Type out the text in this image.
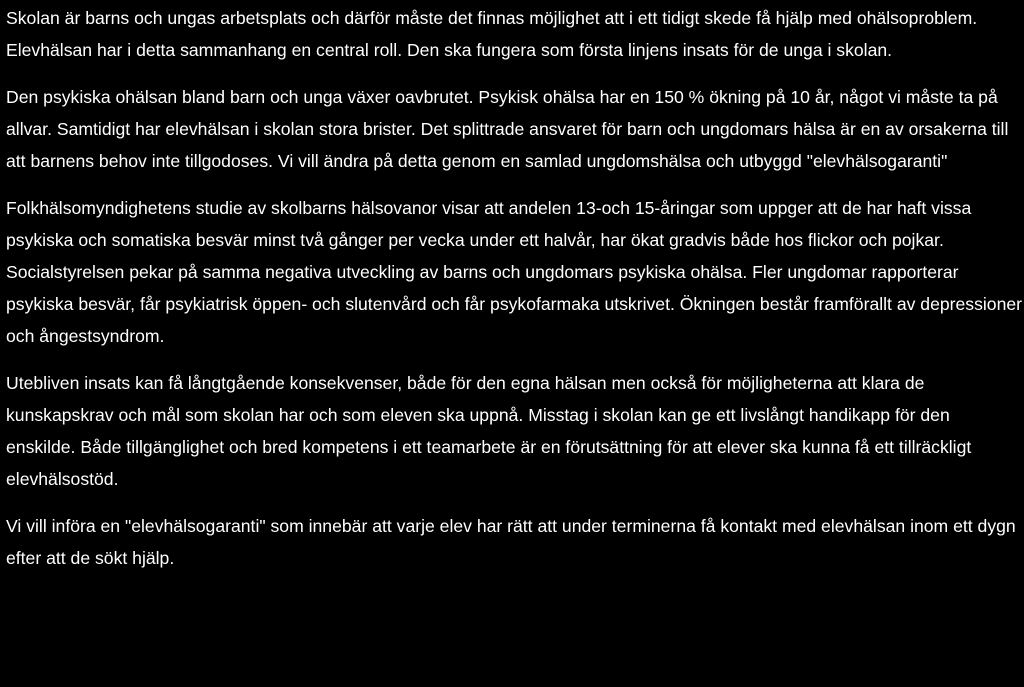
Skolan är barns och ungas arbetsplats och därför måste det finnas möjlighet att i ett tidigt skede få hjälp med ohälsoproblem. Elevhälsan har i detta sammanhang en central roll. Den ska fungera som första linjens insats för de unga i skolan.

Den psykiska ohälsan bland barn och unga växer oavbrutet. Psykisk ohälsa har en 150 % ökning på 10 år, något vi måste ta på allvar. Samtidigt har elevhälsan i skolan stora brister. Det splittrade ansvaret för barn och ungdomars hälsa är en av orsakerna till att barnens behov inte tillgodoses. Vi vill ändra på detta genom en samlad ungdomshälsa och utbyggd "elevhälsogaranti"

Folkhälsomyndighetens studie av skolbarns hälsovanor visar att andelen 13-och 15-åringar som uppger att de har haft vissa psykiska och somatiska besvär minst två gånger per vecka under ett halvår, har ökat gradvis både hos flickor och pojkar. Socialstyrelsen pekar på samma negativa utveckling av barns och ungdomars psykiska ohälsa. Fler ungdomar rapporterar psykiska besvär, får psykiatrisk öppen- och slutenvård och får psykofarmaka utskrivet. Ökningen består framförallt av depressioner och ångestsyndrom.

Utebliven insats kan få långtgående konsekvenser, både för den egna hälsan men också för möjligheterna att klara de kunskapskrav och mål som skolan har och som eleven ska uppnå. Misstag i skolan kan ge ett livslångt handikapp för den enskilde. Både tillgänglighet och bred kompetens i ett teamarbete är en förutsättning för att elever ska kunna få ett tillräckligt elevhälsostöd.

Vi vill införa en "elevhälsogaranti" som innebär att varje elev har rätt att under terminerna få kontakt med elevhälsan inom ett dygn efter att de sökt hjälp.
